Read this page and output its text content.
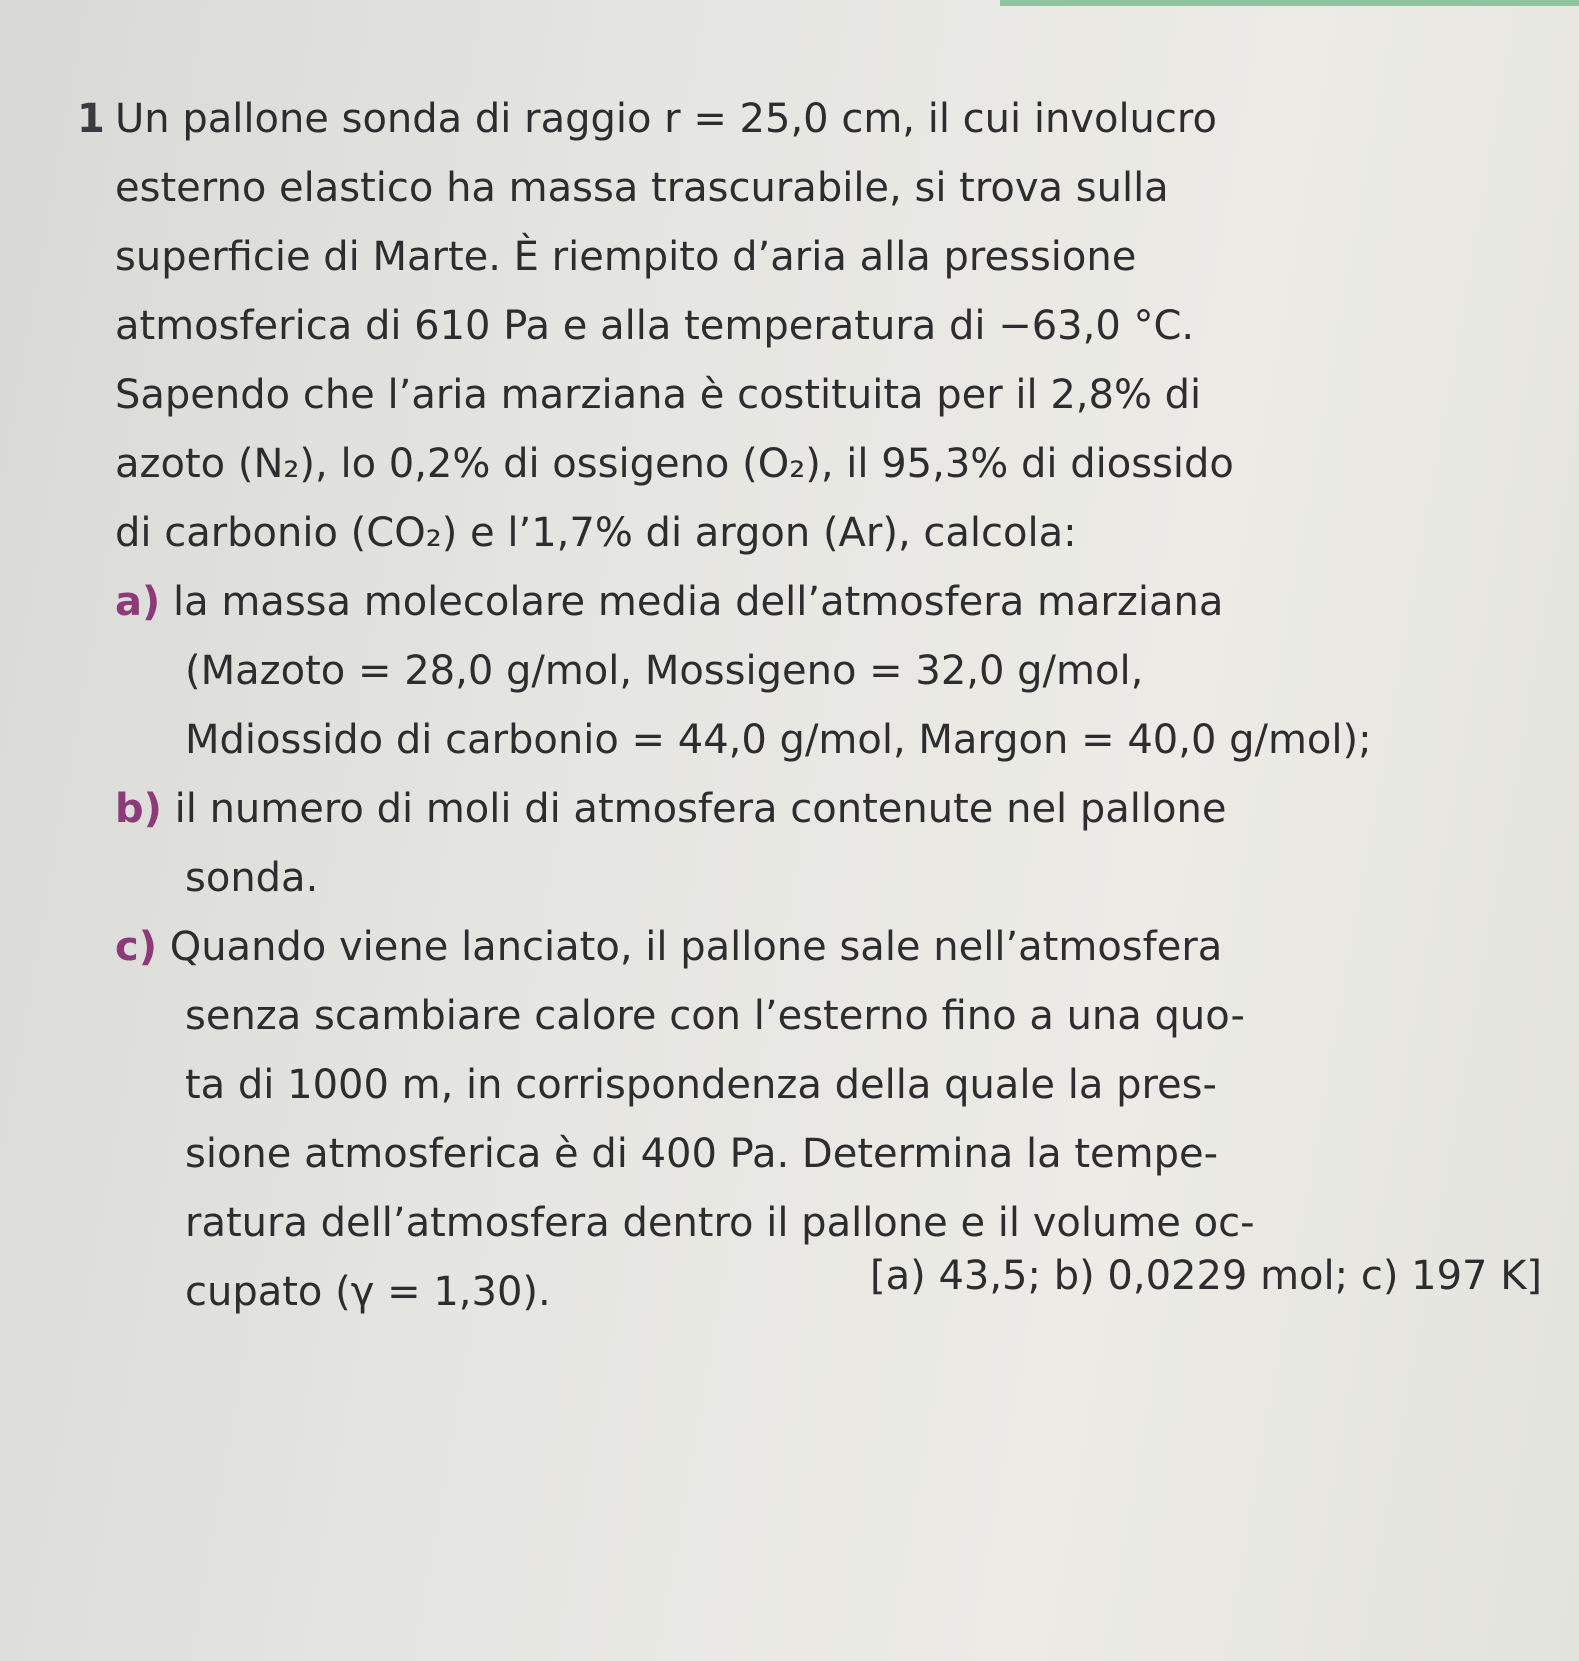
1 Un pallone sonda di raggio r = 25,0 cm, il cui involucro
esterno elastico ha massa trascurabile, si trova sulla
superficie di Marte. È riempito d’aria alla pressione
atmosferica di 610 Pa e alla temperatura di −63,0 °C.
Sapendo che l’aria marziana è costituita per il 2,8% di
azoto (N₂), lo 0,2% di ossigeno (O₂), il 95,3% di diossido
di carbonio (CO₂) e l’1,7% di argon (Ar), calcola:
a) la massa molecolare media dell’atmosfera marziana
(Mazoto = 28,0 g/mol, Mossigeno = 32,0 g/mol,
Mdiossido di carbonio = 44,0 g/mol, Margon = 40,0 g/mol);
b) il numero di moli di atmosfera contenute nel pallone
sonda.
c) Quando viene lanciato, il pallone sale nell’atmosfera
senza scambiare calore con l’esterno fino a una quo-
ta di 1000 m, in corrispondenza della quale la pres-
sione atmosferica è di 400 Pa. Determina la tempe-
ratura dell’atmosfera dentro il pallone e il volume oc-
cupato (γ = 1,30).	[a) 43,5; b) 0,0229 mol; c) 197 K]
